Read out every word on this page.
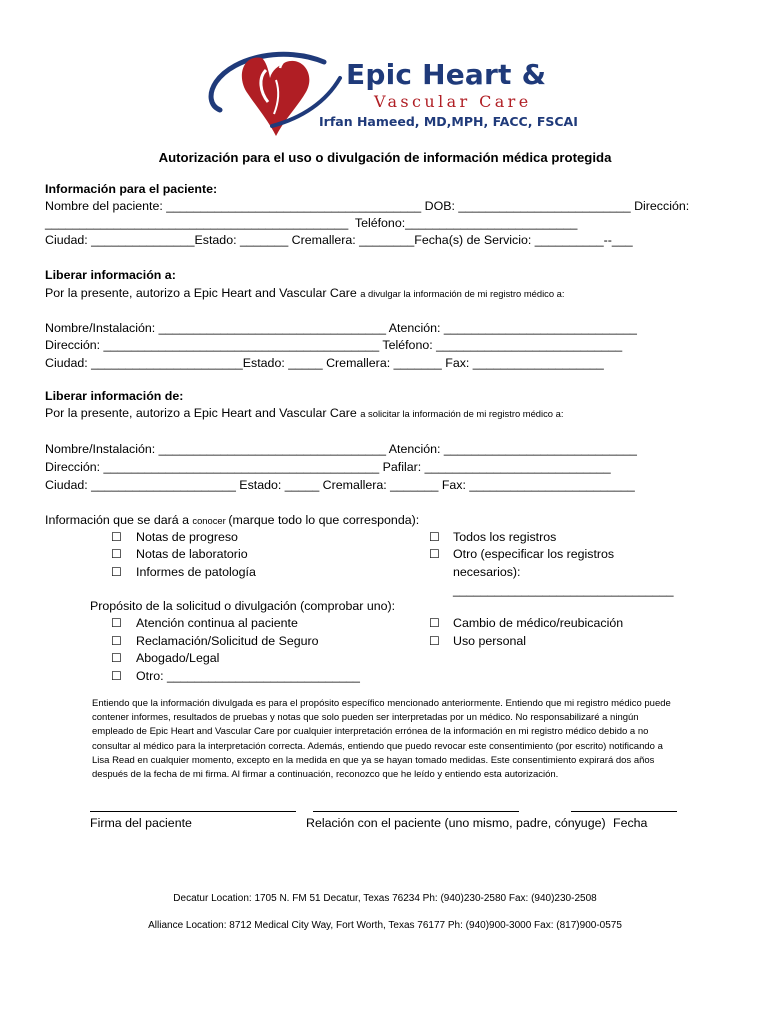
Epic Heart &
Vascular Care
Irfan Hameed, MD,MPH, FACC, FSCAI
Autorización para el uso o divulgación de información médica protegida
Información para el paciente:
Nombre del paciente: _____________________________________ DOB: _________________________ Dirección:
____________________________________________  Teléfono:_________________________
Ciudad: _______________Estado: _______ Cremallera: ________Fecha(s) de Servicio: __________--___
Liberar información a:
Por la presente, autorizo a Epic Heart and Vascular Care a divulgar la información de mi registro médico a:
Nombre/Instalación: _________________________________ Atención: ____________________________
Dirección: ________________________________________ Teléfono: ___________________________
Ciudad: ______________________Estado: _____ Cremallera: _______ Fax: ___________________
Liberar información de:
Por la presente, autorizo a Epic Heart and Vascular Care a solicitar la información de mi registro médico a:
Nombre/Instalación: _________________________________ Atención: ____________________________
Dirección: ________________________________________ Pafilar: ___________________________
Ciudad: _____________________ Estado: _____ Cremallera: _______ Fax: ________________________
Información que se dará a conocer (marque todo lo que corresponda):
☐ Notas de progreso
☐ Notas de laboratorio
☐ Informes de patología
☐ Todos los registros
☐ Otro (especificar los registros
necesarios):
________________________________
Propósito de la solicitud o divulgación (comprobar uno):
☐ Atención continua al paciente
☐ Reclamación/Solicitud de Seguro
☐ Abogado/Legal
☐ Otro: ____________________________
☐ Cambio de médico/reubicación
☐ Uso personal

Entiendo que la información divulgada es para el propósito específico mencionado anteriormente. Entiendo que mi registro médico puede contener informes, resultados de pruebas y notas que solo pueden ser interpretadas por un médico. No responsabilizaré a ningún empleado de Epic Heart and Vascular Care por cualquier interpretación errónea de la información en mi registro médico debido a no consultar al médico para la interpretación correcta. Además, entiendo que puedo revocar este consentimiento (por escrito) notificando a Lisa Read en cualquier momento, excepto en la medida en que ya se hayan tomado medidas. Este consentimiento expirará dos años después de la fecha de mi firma. Al firmar a continuación, reconozco que he leído y entiendo esta autorización.

Firma del paciente	Relación con el paciente (uno mismo, padre, cónyuge) Fecha
Decatur Location: 1705 N. FM 51 Decatur, Texas 76234 Ph: (940)230-2580 Fax: (940)230-2508
Alliance Location: 8712 Medical City Way, Fort Worth, Texas 76177 Ph: (940)900-3000 Fax: (817)900-0575
